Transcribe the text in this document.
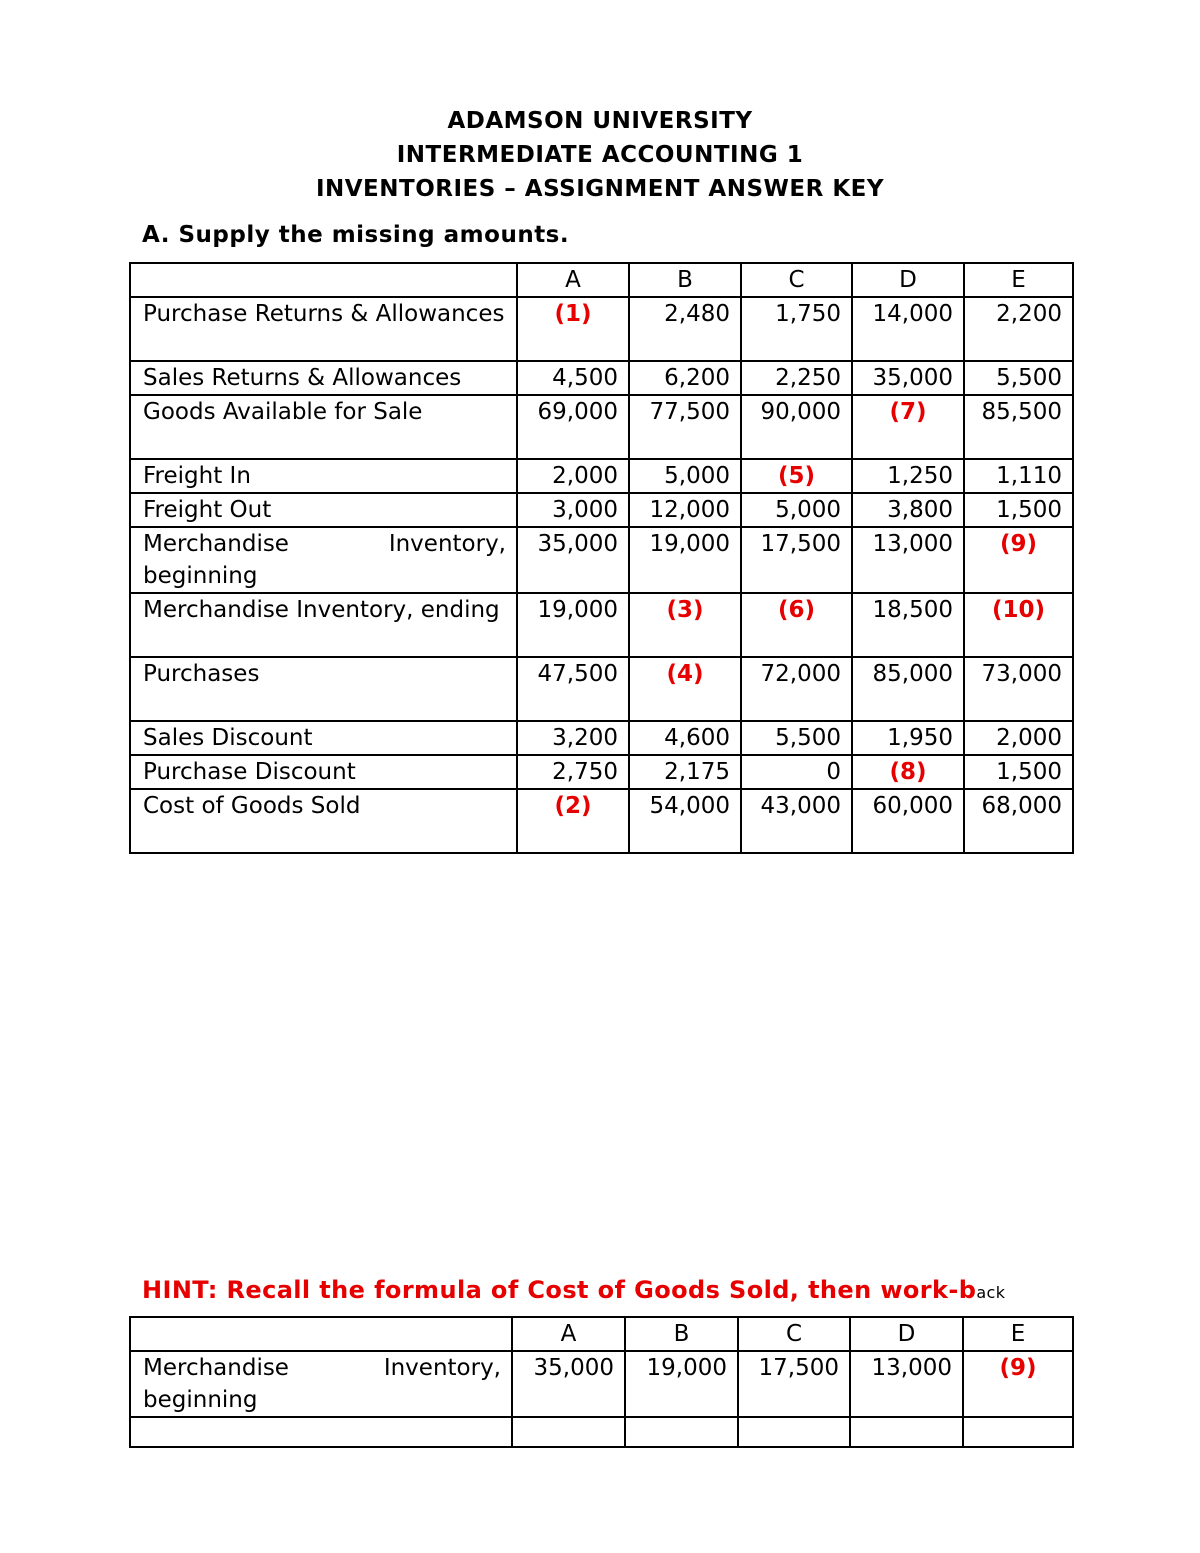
ADAMSON UNIVERSITY
INTERMEDIATE ACCOUNTING 1
INVENTORIES – ASSIGNMENT ANSWER KEY
A. Supply the missing amounts.
	A	B	C	D	E
Purchase Returns & Allowances	(1)	2,480	1,750	14,000	2,200
Sales Returns & Allowances	4,500	6,200	2,250	35,000	5,500
Goods Available for Sale	69,000	77,500	90,000	(7)	85,500
Freight In	2,000	5,000	(5)	1,250	1,110
Freight Out	3,000	12,000	5,000	3,800	1,500
Merchandise Inventory, beginning	35,000	19,000	17,500	13,000	(9)
Merchandise Inventory, ending	19,000	(3)	(6)	18,500	(10)
Purchases	47,500	(4)	72,000	85,000	73,000
Sales Discount	3,200	4,600	5,500	1,950	2,000
Purchase Discount	2,750	2,175	0	(8)	1,500
Cost of Goods Sold	(2)	54,000	43,000	60,000	68,000
HINT: Recall the formula of Cost of Goods Sold, then work-back
	A	B	C	D	E
Merchandise Inventory, beginning	35,000	19,000	17,500	13,000	(9)
